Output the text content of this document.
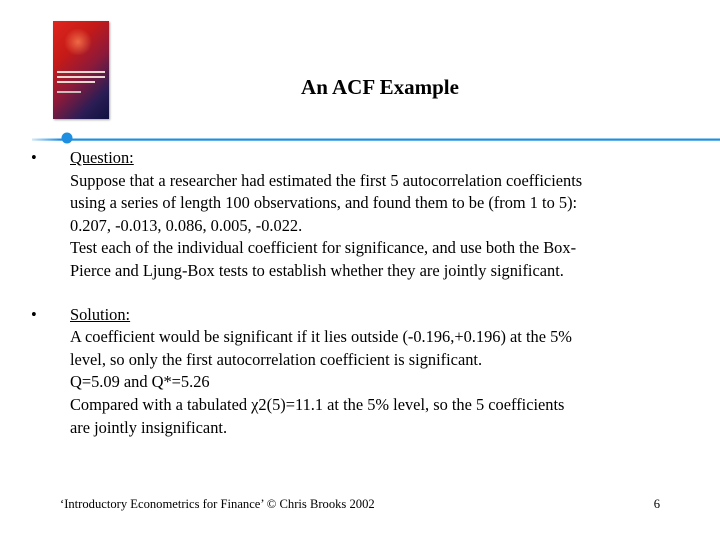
An ACF Example
•	Question:
Suppose that a researcher had estimated the first 5 autocorrelation coefficients
using a series of length 100 observations, and found them to be (from 1 to 5):
0.207, -0.013, 0.086, 0.005, -0.022.
Test each of the individual coefficient for significance, and use both the Box-
Pierce and Ljung-Box tests to establish whether they are jointly significant.
•	Solution:
A coefficient would be significant if it lies outside (-0.196,+0.196) at the 5%
level, so only the first autocorrelation coefficient is significant.
Q=5.09 and Q*=5.26
Compared with a tabulated χ2(5)=11.1 at the 5% level, so the 5 coefficients
are jointly insignificant.
‘Introductory Econometrics for Finance’ © Chris Brooks 2002	6
